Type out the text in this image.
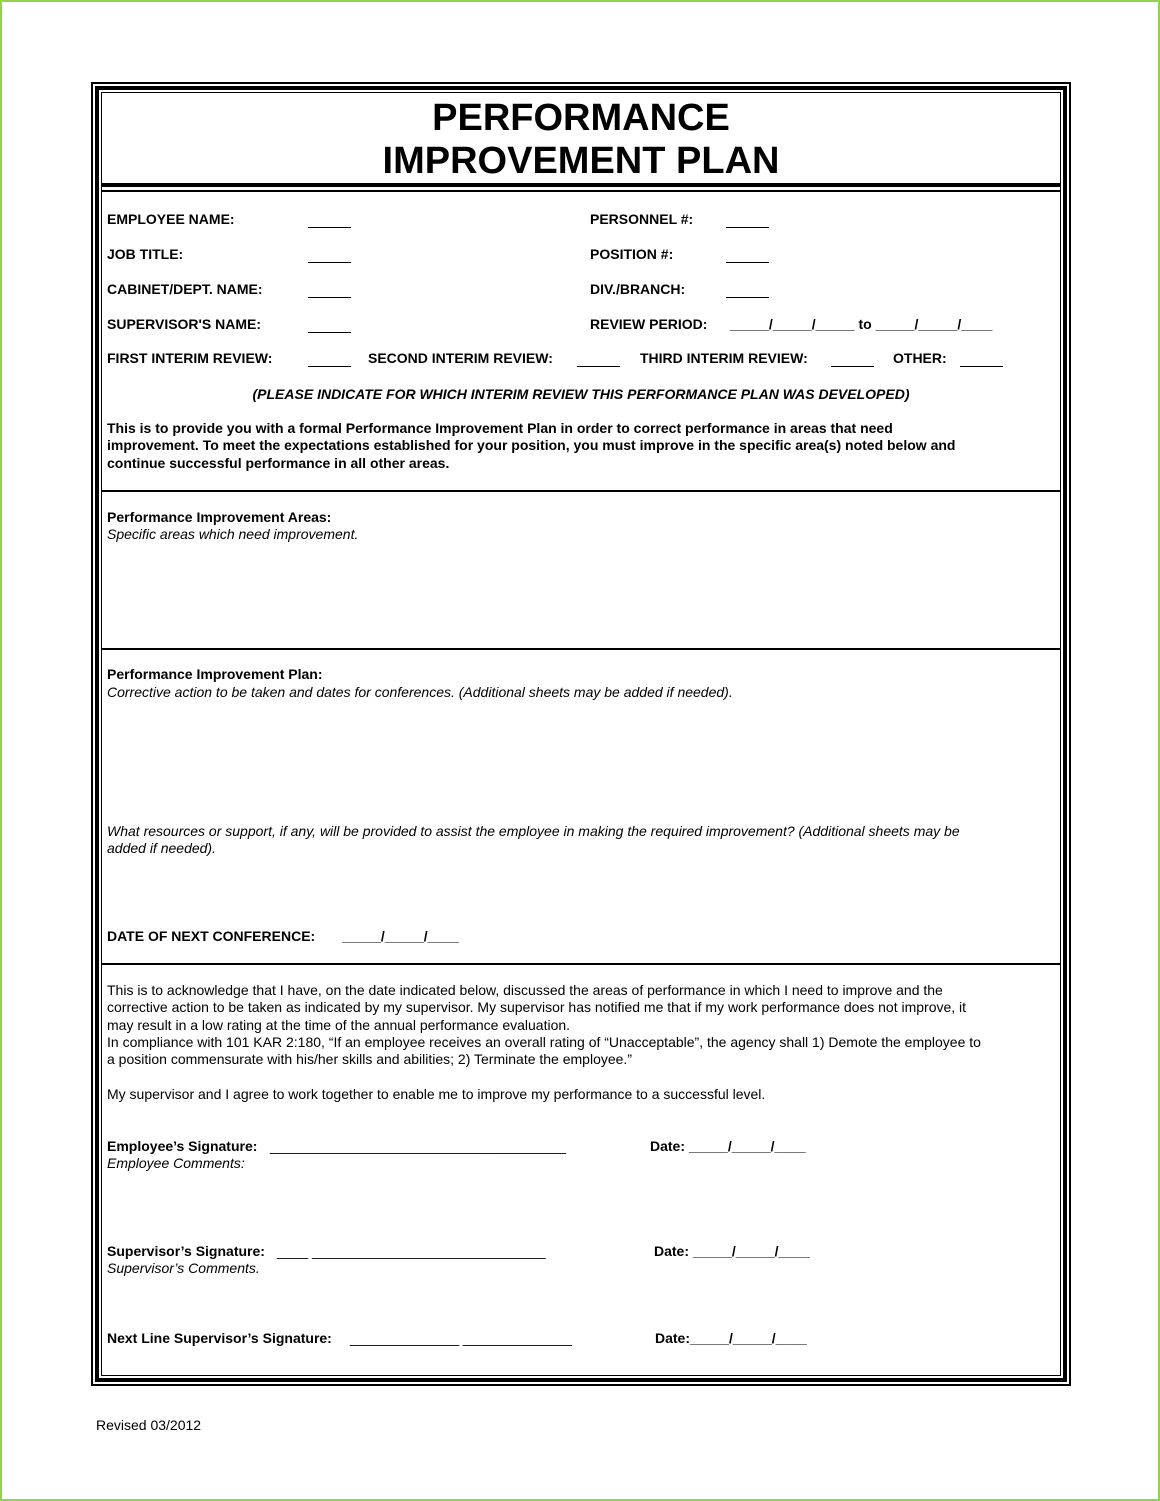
PERFORMANCE
IMPROVEMENT PLAN
EMPLOYEE NAME:	PERSONNEL #:
JOB TITLE:	POSITION #:
CABINET/DEPT. NAME:	DIV./BRANCH:
SUPERVISOR'S NAME:	REVIEW PERIOD: _____/_____/_____ to _____/_____/____
FIRST INTERIM REVIEW:	SECOND INTERIM REVIEW:	THIRD INTERIM REVIEW:	OTHER:
(PLEASE INDICATE FOR WHICH INTERIM REVIEW THIS PERFORMANCE PLAN WAS DEVELOPED)
This is to provide you with a formal Performance Improvement Plan in order to correct performance in areas that need
improvement. To meet the expectations established for your position, you must improve in the specific area(s) noted below and
continue successful performance in all other areas.
Performance Improvement Areas:
Specific areas which need improvement.
Performance Improvement Plan:
Corrective action to be taken and dates for conferences. (Additional sheets may be added if needed).
What resources or support, if any, will be provided to assist the employee in making the required improvement? (Additional sheets may be
added if needed).
DATE OF NEXT CONFERENCE: _____/_____/____
This is to acknowledge that I have, on the date indicated below, discussed the areas of performance in which I need to improve and the
corrective action to be taken as indicated by my supervisor. My supervisor has notified me that if my work performance does not improve, it
may result in a low rating at the time of the annual performance evaluation.
In compliance with 101 KAR 2:180, “If an employee receives an overall rating of “Unacceptable”, the agency shall 1) Demote the employee to
a position commensurate with his/her skills and abilities; 2) Terminate the employee.”
My supervisor and I agree to work together to enable me to improve my performance to a successful level.
Employee’s Signature: ______________________________________	Date: _____/_____/____
Employee Comments:
Supervisor’s Signature: ____ ______________________________	Date: _____/_____/____
Supervisor’s Comments.
Next Line Supervisor’s Signature: ______________ ______________	Date:_____/_____/____
Revised 03/2012
